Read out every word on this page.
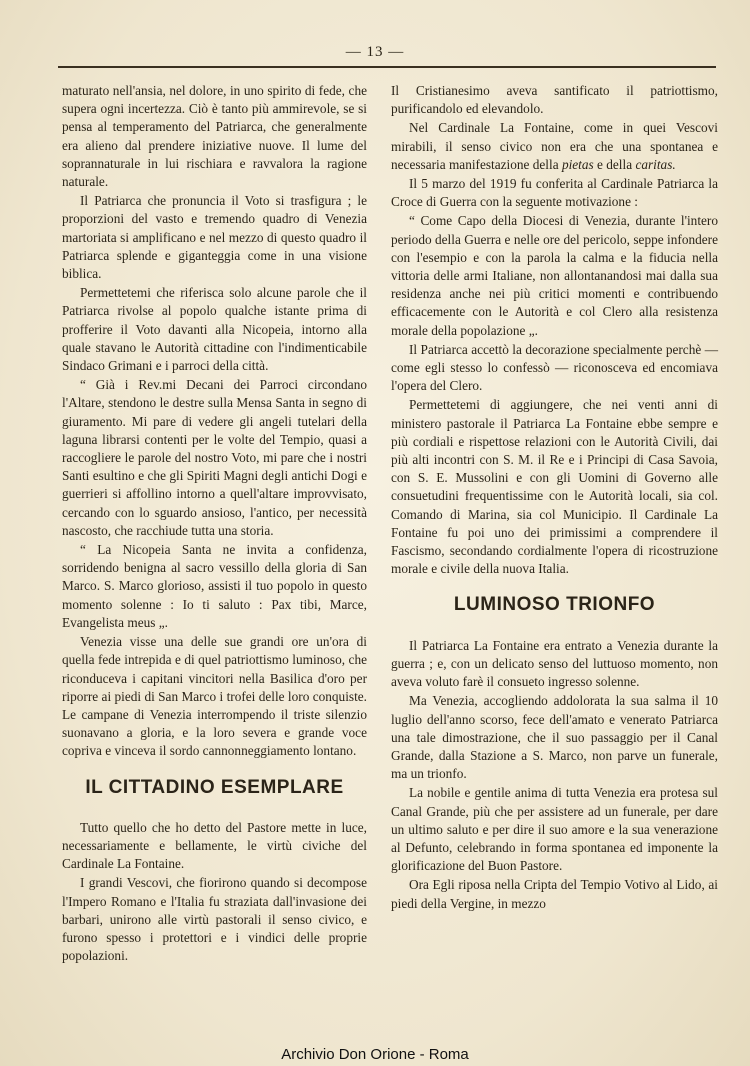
— 13 —

maturato nell'ansia, nel dolore, in uno spirito di fede, che supera ogni incertezza. Ciò è tanto più ammirevole, se si pensa al temperamento del Patriarca, che generalmente era alieno dal prendere iniziative nuove. Il lume del soprannaturale in lui rischiara e ravvalora la ragione naturale.

Il Patriarca che pronuncia il Voto si trasfigura ; le proporzioni del vasto e tremendo quadro di Venezia martoriata si amplificano e nel mezzo di questo quadro il Patriarca splende e giganteggia come in una visione biblica.

Permettetemi che riferisca solo alcune parole che il Patriarca rivolse al popolo qualche istante prima di profferire il Voto davanti alla Nicopeia, intorno alla quale stavano le Autorità cittadine con l'indimenticabile Sindaco Grimani e i parroci della città.

“ Già i Rev.mi Decani dei Parroci circondano l'Altare, stendono le destre sulla Mensa Santa in segno di giuramento. Mi pare di vedere gli angeli tutelari della laguna librarsi contenti per le volte del Tempio, quasi a raccogliere le parole del nostro Voto, mi pare che i nostri Santi esultino e che gli Spiriti Magni degli antichi Dogi e guerrieri si affollino intorno a quell'altare improvvisato, cercando con lo sguardo ansioso, l'antico, per necessità nascosto, che racchiude tutta una storia.

“ La Nicopeia Santa ne invita a confidenza, sorridendo benigna al sacro vessillo della gloria di San Marco. S. Marco glorioso, assisti il tuo popolo in questo momento solenne : Io ti saluto : Pax tibi, Marce, Evangelista meus „.

Venezia visse una delle sue grandi ore un'ora di quella fede intrepida e di quel patriottismo luminoso, che riconduceva i capitani vincitori nella Basilica d'oro per riporre ai piedi di San Marco i trofei delle loro conquiste. Le campane di Venezia interrompendo il triste silenzio suonavano a gloria, e la loro severa e grande voce copriva e vinceva il sordo cannonneggiamento lontano.

IL CITTADINO ESEMPLARE

Tutto quello che ho detto del Pastore mette in luce, necessariamente e bellamente, le virtù civiche del Cardinale La Fontaine.

I grandi Vescovi, che fiorirono quando si decompose l'Impero Romano e l'Italia fu straziata dall'invasione dei barbari, unirono alle virtù pastorali il senso civico, e furono spesso i protettori e i vindici delle proprie popolazioni.

Il Cristianesimo aveva santificato il patriottismo, purificandolo ed elevandolo.

Nel Cardinale La Fontaine, come in quei Vescovi mirabili, il senso civico non era che una spontanea e necessaria manifestazione della pietas e della caritas.

Il 5 marzo del 1919 fu conferita al Cardinale Patriarca la Croce di Guerra con la seguente motivazione :

“ Come Capo della Diocesi di Venezia, durante l'intero periodo della Guerra e nelle ore del pericolo, seppe infondere con l'esempio e con la parola la calma e la fiducia nella vittoria delle armi Italiane, non allontanandosi mai dalla sua residenza anche nei più critici momenti e contribuendo efficacemente con le Autorità e col Clero alla resistenza morale della popolazione „.

Il Patriarca accettò la decorazione specialmente perchè — come egli stesso lo confessò — riconosceva ed encomiava l'opera del Clero.

Permettetemi di aggiungere, che nei venti anni di ministero pastorale il Patriarca La Fontaine ebbe sempre e più cordiali e rispettose relazioni con le Autorità Civili, dai più alti incontri con S. M. il Re e i Principi di Casa Savoia, con S. E. Mussolini e con gli Uomini di Governo alle consuetudini frequentissime con le Autorità locali, sia col. Comando di Marina, sia col Municipio. Il Cardinale La Fontaine fu poi uno dei primissimi a comprendere il Fascismo, secondando cordialmente l'opera di ricostruzione morale e civile della nuova Italia.

LUMINOSO TRIONFO

Il Patriarca La Fontaine era entrato a Venezia durante la guerra ; e, con un delicato senso del luttuoso momento, non aveva voluto farè il consueto ingresso solenne.

Ma Venezia, accogliendo addolorata la sua salma il 10 luglio dell'anno scorso, fece dell'amato e venerato Patriarca una tale dimostrazione, che il suo passaggio per il Canal Grande, dalla Stazione a S. Marco, non parve un funerale, ma un trionfo.

La nobile e gentile anima di tutta Venezia era protesa sul Canal Grande, più che per assistere ad un funerale, per dare un ultimo saluto e per dire il suo amore e la sua venerazione al Defunto, celebrando in forma spontanea ed imponente la glorificazione del Buon Pastore.

Ora Egli riposa nella Cripta del Tempio Votivo al Lido, ai piedi della Vergine, in mezzo

Archivio Don Orione - Roma
